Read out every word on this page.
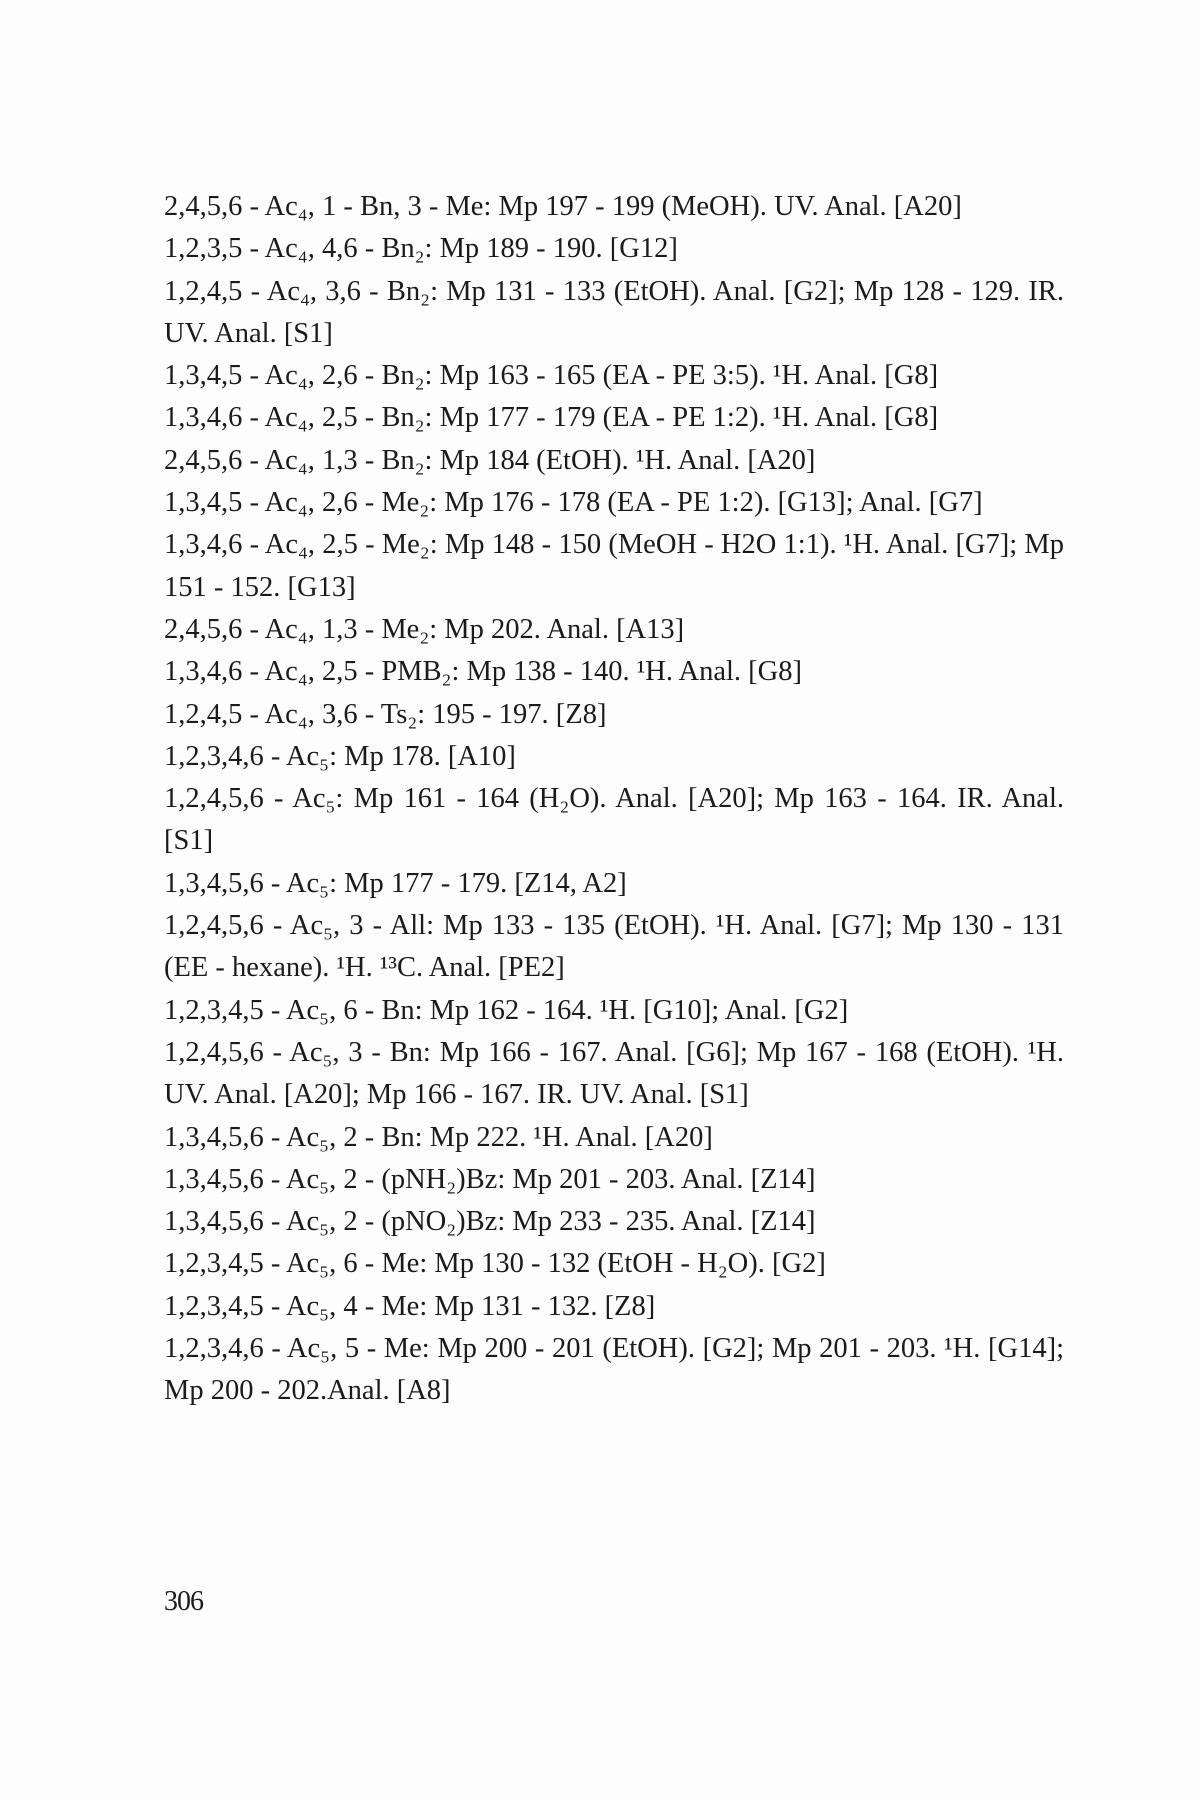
2,4,5,6 - Ac₄, 1 - Bn, 3 - Me: Mp 197 - 199 (MeOH). UV. Anal. [A20]
1,2,3,5 - Ac₄, 4,6 - Bn₂: Mp 189 - 190. [G12]
1,2,4,5 - Ac₄, 3,6 - Bn₂: Mp 131 - 133 (EtOH). Anal. [G2]; Mp 128 - 129. IR. UV. Anal. [S1]
1,3,4,5 - Ac₄, 2,6 - Bn₂: Mp 163 - 165 (EA - PE 3:5). ¹H. Anal. [G8]
1,3,4,6 - Ac₄, 2,5 - Bn₂: Mp 177 - 179 (EA - PE 1:2). ¹H. Anal. [G8]
2,4,5,6 - Ac₄, 1,3 - Bn₂: Mp 184 (EtOH). ¹H. Anal. [A20]
1,3,4,5 - Ac₄, 2,6 - Me₂: Mp 176 - 178 (EA - PE 1:2). [G13]; Anal. [G7]
1,3,4,6 - Ac₄, 2,5 - Me₂: Mp 148 - 150 (MeOH - H2O 1:1). ¹H. Anal. [G7]; Mp 151 - 152. [G13]
2,4,5,6 - Ac₄, 1,3 - Me₂: Mp 202. Anal. [A13]
1,3,4,6 - Ac₄, 2,5 - PMB₂: Mp 138 - 140. ¹H. Anal. [G8]
1,2,4,5 - Ac₄, 3,6 - Ts₂: 195 - 197. [Z8]
1,2,3,4,6 - Ac₅: Mp 178. [A10]
1,2,4,5,6 - Ac₅: Mp 161 - 164 (H₂O). Anal. [A20]; Mp 163 - 164. IR. Anal. [S1]
1,3,4,5,6 - Ac₅: Mp 177 - 179. [Z14, A2]
1,2,4,5,6 - Ac₅, 3 - All: Mp 133 - 135 (EtOH). ¹H. Anal. [G7]; Mp 130 - 131 (EE - hexane). ¹H. ¹³C. Anal. [PE2]
1,2,3,4,5 - Ac₅, 6 - Bn: Mp 162 - 164. ¹H. [G10]; Anal. [G2]
1,2,4,5,6 - Ac₅, 3 - Bn: Mp 166 - 167. Anal. [G6]; Mp 167 - 168 (EtOH). ¹H. UV. Anal. [A20]; Mp 166 - 167. IR. UV. Anal. [S1]
1,3,4,5,6 - Ac₅, 2 - Bn: Mp 222. ¹H. Anal. [A20]
1,3,4,5,6 - Ac₅, 2 - (pNH₂)Bz: Mp 201 - 203. Anal. [Z14]
1,3,4,5,6 - Ac₅, 2 - (pNO₂)Bz: Mp 233 - 235. Anal. [Z14]
1,2,3,4,5 - Ac₅, 6 - Me: Mp 130 - 132 (EtOH - H₂O). [G2]
1,2,3,4,5 - Ac₅, 4 - Me: Mp 131 - 132. [Z8]
1,2,3,4,6 - Ac₅, 5 - Me: Mp 200 - 201 (EtOH). [G2]; Mp 201 - 203. ¹H. [G14]; Mp 200 - 202.Anal. [A8]
306
